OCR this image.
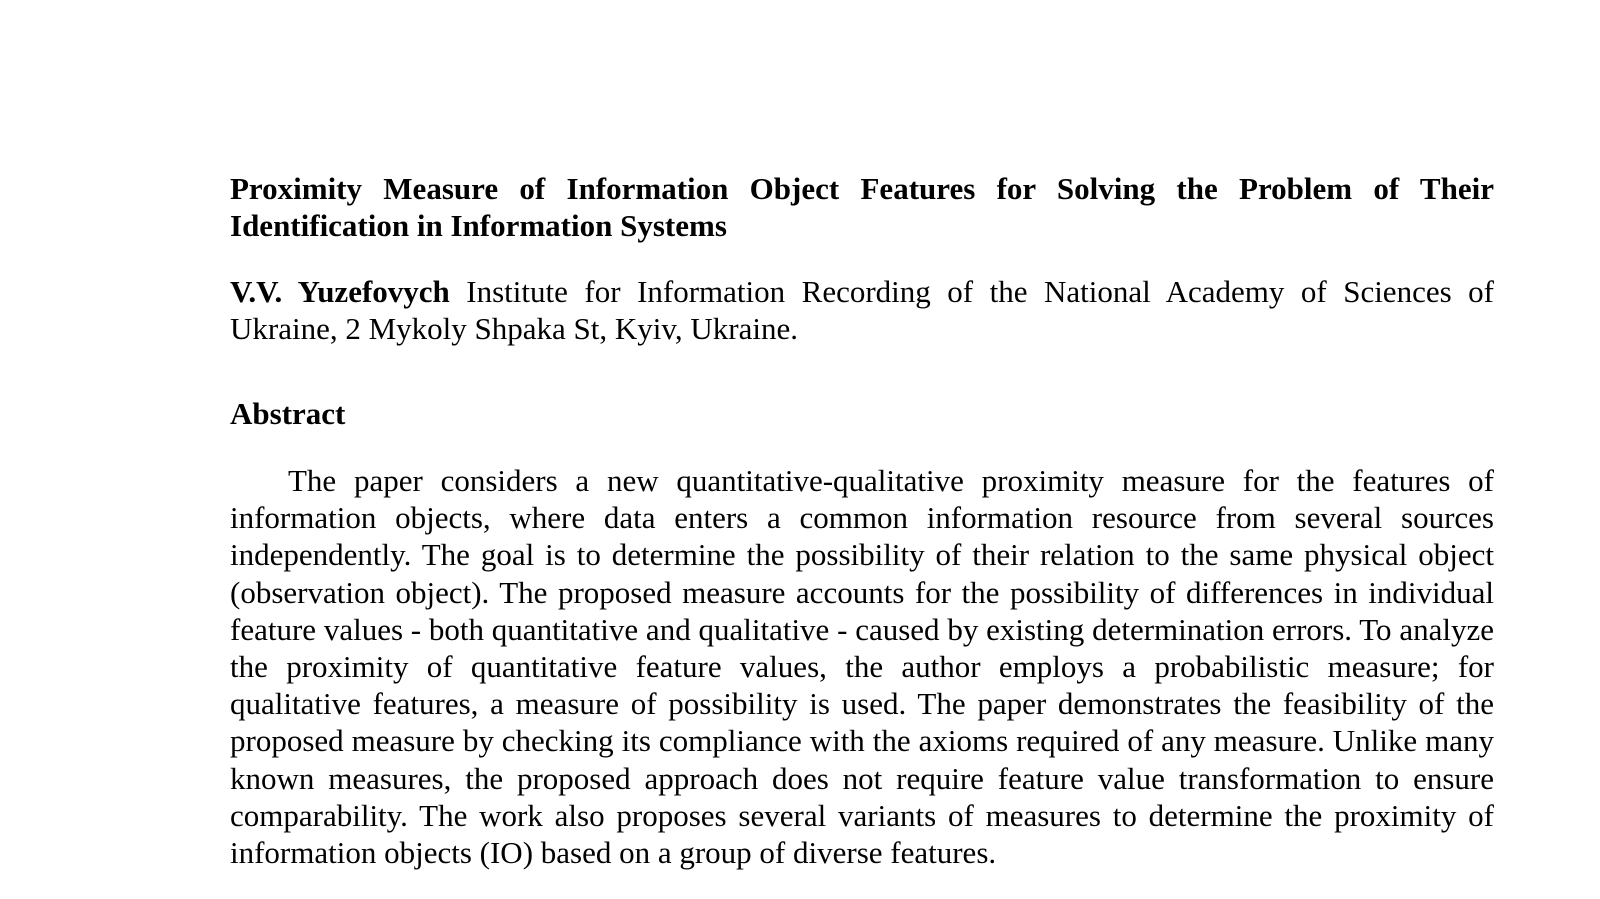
Proximity Measure of Information Object Features for Solving the Problem of Their Identification in Information Systems

V.V. Yuzefovych Institute for Information Recording of the National Academy of Sciences of Ukraine, 2 Mykoly Shpaka St, Kyiv, Ukraine.

Abstract

The paper considers a new quantitative-qualitative proximity measure for the features of information objects, where data enters a common information resource from several sources independently. The goal is to determine the possibility of their relation to the same physical object (observation object). The proposed measure accounts for the possibility of differences in individual feature values - both quantitative and qualitative - caused by existing determination errors. To analyze the proximity of quantitative feature values, the author employs a probabilistic measure; for qualitative features, a measure of possibility is used. The paper demonstrates the feasibility of the proposed measure by checking its compliance with the axioms required of any measure. Unlike many known measures, the proposed approach does not require feature value transformation to ensure comparability. The work also proposes several variants of measures to determine the proximity of information objects (IO) based on a group of diverse features.
